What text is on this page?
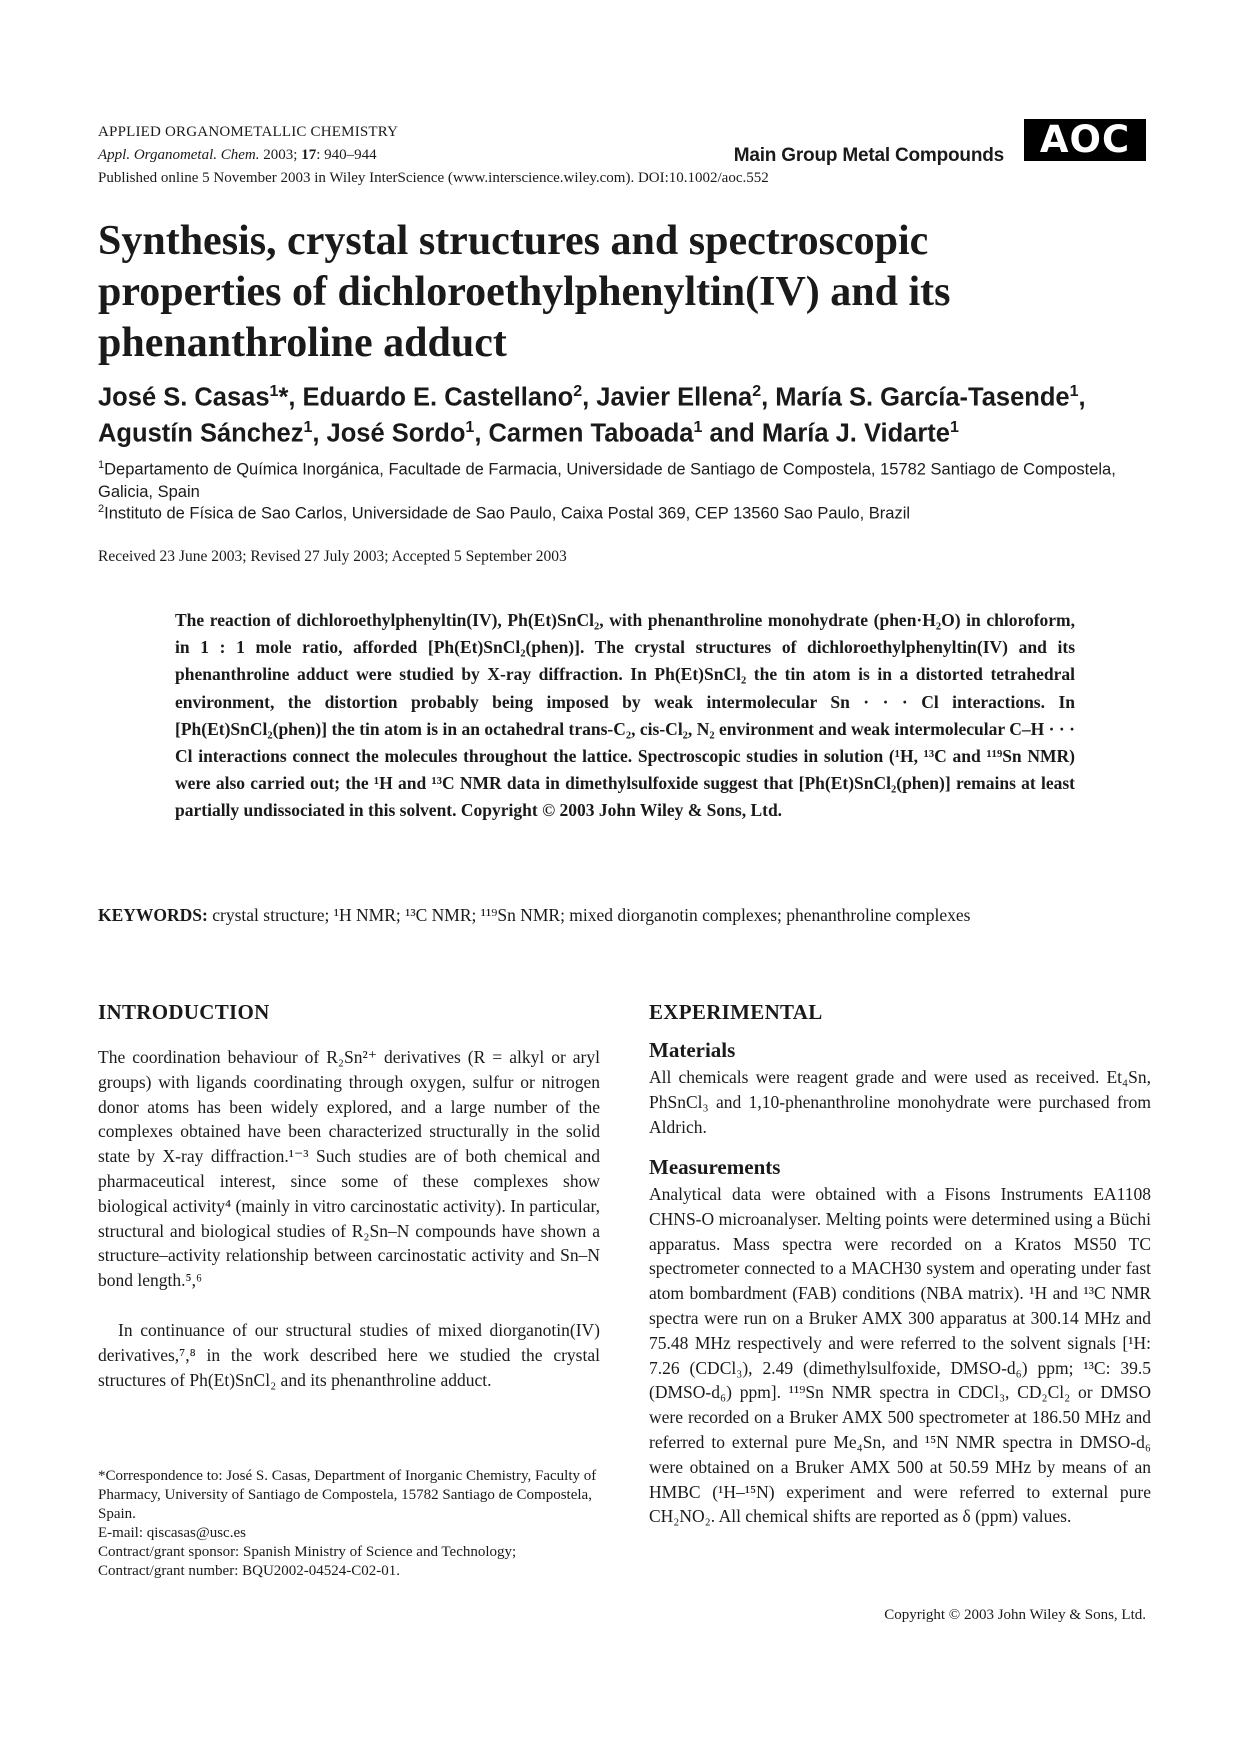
APPLIED ORGANOMETALLIC CHEMISTRY
Appl. Organometal. Chem. 2003; 17: 940–944
Published online 5 November 2003 in Wiley InterScience (www.interscience.wiley.com). DOI:10.1002/aoc.552
Main Group Metal Compounds AOC
Synthesis, crystal structures and spectroscopic properties of dichloroethylphenyltin(IV) and its phenanthroline adduct
José S. Casas$^1$*, Eduardo E. Castellano$^2$, Javier Ellena$^2$, María S. García-Tasende$^1$, Agustín Sánchez$^1$, José Sordo$^1$, Carmen Taboada$^1$ and María J. Vidarte$^1$
$^1$Departamento de Química Inorgánica, Facultade de Farmacia, Universidade de Santiago de Compostela, 15782 Santiago de Compostela, Galicia, Spain
$^2$Instituto de Física de Sao Carlos, Universidade de Sao Paulo, Caixa Postal 369, CEP 13560 Sao Paulo, Brazil
Received 23 June 2003; Revised 27 July 2003; Accepted 5 September 2003
The reaction of dichloroethylphenyltin(IV), Ph(Et)SnCl₂, with phenanthroline monohydrate (phen·H₂O) in chloroform, in 1 : 1 mole ratio, afforded [Ph(Et)SnCl₂(phen)]. The crystal structures of dichloroethylphenyltin(IV) and its phenanthroline adduct were studied by X-ray diffraction. In Ph(Et)SnCl₂ the tin atom is in a distorted tetrahedral environment, the distortion probably being imposed by weak intermolecular Sn · · · Cl interactions. In [Ph(Et)SnCl₂(phen)] the tin atom is in an octahedral trans-C₂, cis-Cl₂, N₂ environment and weak intermolecular C–H · · · Cl interactions connect the molecules throughout the lattice. Spectroscopic studies in solution (¹H, ¹³C and ¹¹⁹Sn NMR) were also carried out; the ¹H and ¹³C NMR data in dimethylsulfoxide suggest that [Ph(Et)SnCl₂(phen)] remains at least partially undissociated in this solvent. Copyright © 2003 John Wiley & Sons, Ltd.
KEYWORDS: crystal structure; ¹H NMR; ¹³C NMR; ¹¹⁹Sn NMR; mixed diorganotin complexes; phenanthroline complexes
INTRODUCTION
The coordination behaviour of R₂Sn²⁺ derivatives (R = alkyl or aryl groups) with ligands coordinating through oxygen, sulfur or nitrogen donor atoms has been widely explored, and a large number of the complexes obtained have been characterized structurally in the solid state by X-ray diffraction.¹⁻³ Such studies are of both chemical and pharmaceutical interest, since some of these complexes show biological activity⁴ (mainly in vitro carcinostatic activity). In particular, structural and biological studies of R₂Sn–N compounds have shown a structure–activity relationship between carcinostatic activity and Sn–N bond length.⁵,⁶
In continuance of our structural studies of mixed diorganotin(IV) derivatives,⁷,⁸ in the work described here we studied the crystal structures of Ph(Et)SnCl₂ and its phenanthroline adduct.
*Correspondence to: José S. Casas, Department of Inorganic Chemistry, Faculty of Pharmacy, University of Santiago de Compostela, 15782 Santiago de Compostela, Spain.
E-mail: qiscasas@usc.es
Contract/grant sponsor: Spanish Ministry of Science and Technology;
Contract/grant number: BQU2002-04524-C02-01.
EXPERIMENTAL
Materials
All chemicals were reagent grade and were used as received. Et₄Sn, PhSnCl₃ and 1,10-phenanthroline monohydrate were purchased from Aldrich.
Measurements
Analytical data were obtained with a Fisons Instruments EA1108 CHNS-O microanalyser. Melting points were determined using a Büchi apparatus. Mass spectra were recorded on a Kratos MS50 TC spectrometer connected to a MACH30 system and operating under fast atom bombardment (FAB) conditions (NBA matrix). ¹H and ¹³C NMR spectra were run on a Bruker AMX 300 apparatus at 300.14 MHz and 75.48 MHz respectively and were referred to the solvent signals [¹H: 7.26 (CDCl₃), 2.49 (dimethylsulfoxide, DMSO-d₆) ppm; ¹³C: 39.5 (DMSO-d₆) ppm]. ¹¹⁹Sn NMR spectra in CDCl₃, CD₂Cl₂ or DMSO were recorded on a Bruker AMX 500 spectrometer at 186.50 MHz and referred to external pure Me₄Sn, and ¹⁵N NMR spectra in DMSO-d₆ were obtained on a Bruker AMX 500 at 50.59 MHz by means of an HMBC (¹H–¹⁵N) experiment and were referred to external pure CH₂NO₂. All chemical shifts are reported as δ (ppm) values.
Copyright © 2003 John Wiley & Sons, Ltd.
